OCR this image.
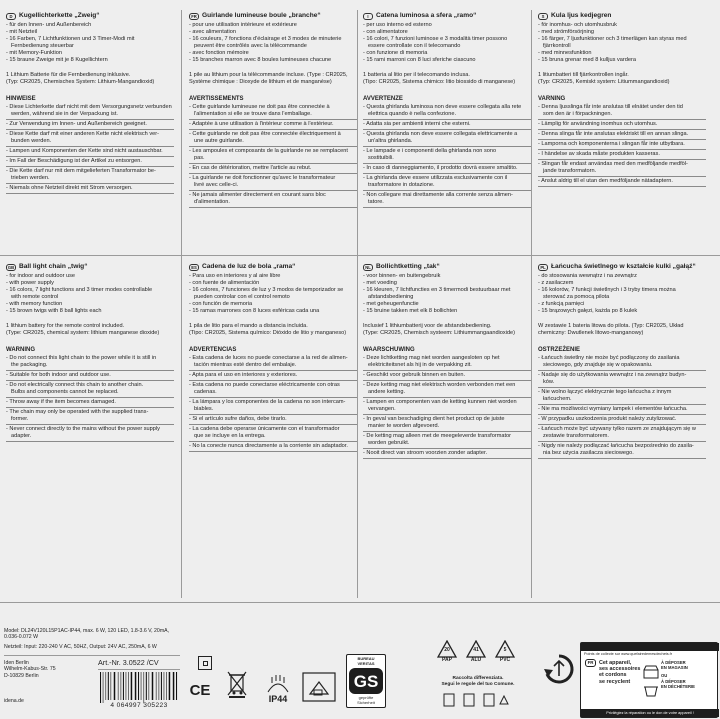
D Kugellichterkette „Zweig“
- für den Innen- und Außenbereich
- mit Netzteil
- 16 Farben, 7 Lichtfunktionen und 3 Timer-Modi mit
Fernbedienung steuerbar
- mit Memory-Funktion
- 15 braune Zweige mit je 8 Kugellichtern
1 Lithium Batterie für die Fernbedienung inklusive.
(Typ: CR2025, Chemisches System: Lithium-Mangandioxid)
HINWEISE
- Diese Lichterkette darf nicht mit dem Versorgungsnetz verbunden
werden, während sie in der Verpackung ist.
- Zur Verwendung im Innen- und Außenbereich geeignet.
- Diese Kette darf mit einer anderen Kette nicht elektrisch ver-
bunden werden.
- Lampen und Komponenten der Kette sind nicht austauschbar.
- Im Fall der Beschädigung ist der Artikel zu entsorgen.
- Die Kette darf nur mit dem mitgelieferten Transformator be-
trieben werden.
- Niemals ohne Netzteil direkt mit Strom versorgen.
FR Guirlande lumineuse boule „branche“
- pour une utilisation intérieure et extérieure
- avec alimentation
- 16 couleurs, 7 fonctions d'éclairage et 3 modes de minuterie
peuvent être contrôlés avec la télécommande
- avec fonction mémoire
- 15 branches marron avec 8 boules lumineuses chacune
1 pile au lithium pour la télécommande incluse. (Type : CR2025,
Système chimique : Dioxyde de lithium et de manganèse)
AVERTISSEMENTS
- Cette guirlande lumineuse ne doit pas être connectée à
l'alimentation si elle se trouve dans l'emballage.
- Adaptée à une utilisation à l'intérieur comme à l'extérieur.
- Cette guirlande ne doit pas être connectée électriquement à
une autre guirlande.
- Les ampoules et composants de la guirlande ne se remplacent
pas.
- En cas de détérioration, mettre l'article au rebut.
- La guirlande ne doit fonctionner qu'avec le transformateur
livré avec celle-ci.
- Ne jamais alimenter directement en courant sans bloc
d'alimentation.
I	Catena luminosa a sfera „ramo“
- per uso interno ed esterno
- con alimentatore
- 16 colori, 7 funzioni luminose e 3 modalità timer possono
essere controllate con il telecomando
- con funzione di memoria
- 15 rami marroni con 8 luci sferiche ciascuno
1 batteria al litio per il telecomando inclusa.
(Tipo: CR2025, Sistema chimico: litio biossido di manganese)
AVVERTENZE
- Questa ghirlanda luminosa non deve essere collegata alla rete
elettrica quando è nella confezione.
- Adatta sia per ambienti interni che esterni.
- Questa ghirlanda non deve essere collegata elettricamente a
un'altra ghirlanda.
- Le lampade e i componenti della ghirlanda non sono
sostituibili.
- In caso di danneggiamento, il prodotto dovrà essere smaltito.
- La ghirlanda deve essere utilizzata esclusivamente con il
trasformatore in dotazione.
- Non collegare mai direttamente alla corrente senza alimen-
tatore.
S	Kula ljus kedjegren
- för inomhus- och utomhusbruk
- med strömförsörjning
- 16 färger, 7 ljusfunktioner och 3 timerlägen kan styras med
fjärrkontroll
- med minnesfunktion
- 15 bruna grenar med 8 kulljus vardera
1 litiumbatteri till fjärrkontrollen ingår.
(Typ: CR2025, Kemiskt system: Litiummangandioxid)
VARNING
- Denna ljusslinga får inte anslutas till elnätet under den tid
som den är i förpackningen.
- Lämplig för användning inomhus och utomhus.
- Denna slinga får inte anslutas elektriskt till en annan slinga.
- Lamporna och komponenterna i slingan får inte utbytbara.
- I händelse av skada måste produkten kasseras.
- Slingan får endast användas med den medföljande medföl-
jande transformatorn.
- Anslut aldrig till el utan den medföljande nätadaptern.
GB Ball light chain „twig“
- for indoor and outdoor use
- with power supply
- 16 colors, 7 light functions and 3 timer modes controllable
with remote control
- with memory function
- 15 brown twigs with 8 ball lights each
1 lithium battery for the remote control included.
(Type: CR2025, chemical system: lithium manganese dioxide)
WARNING
- Do not connect this light chain to the power while it is still in
the packaging.
- Suitable for both indoor and outdoor use.
- Do not electrically connect this chain to another chain.
Bulbs and components cannot be replaced.
- Throw away if the item becomes damaged.
- The chain may only be operated with the supplied trans-
former.
- Never connect directly to the mains without the power supply
adapter.
ES Cadena de luz de bola „rama“
- Para uso en interiores y al aire libre
- con fuente de alimentación
- 16 colores, 7 funciones de luz y 3 modos de temporizador se
pueden controlar con el control remoto
- con función de memoria
- 15 ramas marrones con 8 luces esféricas cada una
1 pila de litio para el mando a distancia incluida.
(Tipo: CR2025, Sistema químico: Dióxido de litio y manganeso)
ADVERTENCIAS
- Esta cadena de luces no puede conectarse a la red de alimen-
tación mientras esté dentro del embalaje.
- Apta para el uso en interiores y exteriores.
- Esta cadena no puede conectarse eléctricamente con otras
cadenas.
- La lámpara y los componentes de la cadena no son intercam-
biables.
- Si el artículo sufre daños, debe tirarlo.
- La cadena debe operarse únicamente con el transformador
que se incluye en la entrega.
- No la conecte nunca directamente a la corriente sin adaptador.
NL Bollichtketting „tak“
- voor binnen- en buitengebruik
- met voeding
- 16 kleuren, 7 lichtfuncties en 3 timermodi bestuurbaar met
afstandsbediening
- met geheugenfunctie
- 15 bruine takken met elk 8 bollichten
Inclusief 1 lithiumbatterij voor de afstandsbediening.
(Type: CR2025, Chemisch systeem: Lithiummangaandioxide)
WAARSCHUWING
- Deze lichtketting mag niet worden aangesloten op het
elektriciteitsnet als hij in de verpakking zit.
- Geschikt voor gebruik binnen en buiten.
- Deze ketting mag niet elektrisch worden verbonden met een
andere ketting.
- Lampen en componenten van de ketting kunnen niet worden
vervangen.
- In geval van beschadiging dient het product op de juiste
manier te worden afgevoerd.
- De ketting mag alleen met de meegeleverde transformator
worden gebruikt.
- Nooit direct van stroom voorzien zonder adapter.
PL Łańcucha świetlnego w kształcie kulki „gałąź“
- do stosowania wewnątrz i na zewnątrz
- z zasilaczem
- 16 kolorów, 7 funkcji świetlnych i 3 tryby timera można
sterować za pomocą pilota
- z funkcją pamięci
- 15 brązowych gałęzi, każda po 8 kulek
W zestawie 1 bateria litowa do pilota. (Typ: CR2025, Układ
chemiczny: Dwutlenek litowo-manganowy)
OSTRZEŻENIE
- Łańcuch świetlny nie może być podłączony do zasilania
sieciowego, gdy znajduje się w opakowaniu.
- Nadaje się do użytkowania wewnątrz i na zewnątrz budyn-
ków.
- Nie wolno łączyć elektrycznie tego łańcucha z innym
łańcuchem.
- Nie ma możliwości wymiany lampek i elementów łańcucha.
- W przypadku uszkodzenia produkt należy zutylizować.
- Łańcuch może być używany tylko razem ze znajdującym się w
zestawie transformatorem.
- Nigdy nie należy podłączać łańcucha bezpośrednio do zasila-
nia bez użycia zasilacza sieciowego.
Model: DL24V120L15P1AC-IP44, max. 6 W, 120 LED, 1.8-3.6 V, 20mA,
0.036-0.072 W
Netzteil: Input: 220-240 V AC, 50HZ, Output: 24V AC, 250mA, 6 W
Iden Berlin
Wilhelm-Kabus-Str. 75
D-10829 Berlin
Art.-Nr. 3.0522 /CV
idena.de
4 064997 305223
CE
IP44
BUREAU
VERITAS
GS
geprüfte
Sicherheit
20
PAP
41
ALU
5
PVC
Raccolta differenziata.
Segui le regole del tuo Comune.
Points de collecte sur www.quefairedemesdechets.fr
FR	Cet appareil,
ses accessoires
et cordons
se recyclent
À DÉPOSER
EN MAGASIN
OU
À DÉPOSER
EN DÉCHÈTERIE
Privilégiez la réparation ou le don de votre appareil !
